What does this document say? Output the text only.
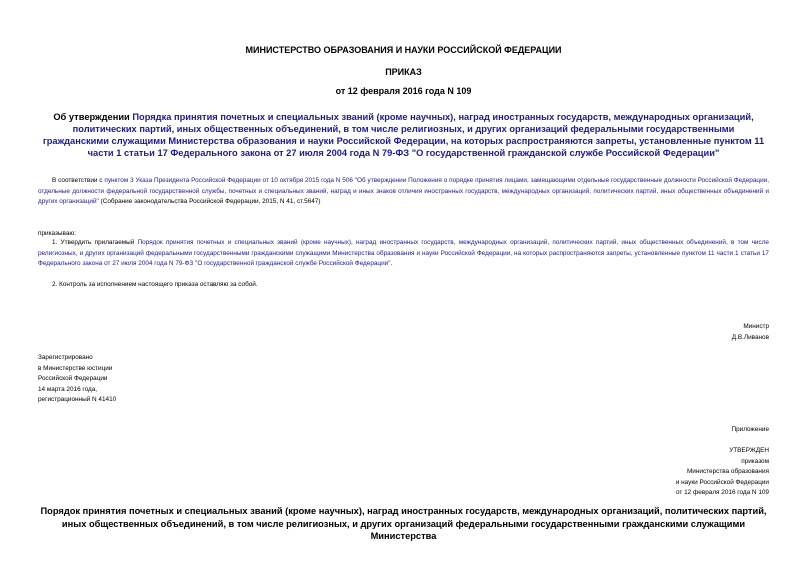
МИНИСТЕРСТВО ОБРАЗОВАНИЯ И НАУКИ РОССИЙСКОЙ ФЕДЕРАЦИИ
ПРИКАЗ
от 12 февраля 2016 года N 109
Об утверждении Порядка принятия почетных и специальных званий (кроме научных), наград иностранных государств, международных организаций, политических партий, иных общественных объединений, в том числе религиозных, и других организаций федеральными государственными гражданскими служащими Министерства образования и науки Российской Федерации, на которых распространяются запреты, установленные пунктом 11 части 1 статьи 17 Федерального закона от 27 июля 2004 года N 79-ФЗ "О государственной гражданской службе Российской Федерации"
В соответствии с пунктом 3 Указа Президента Российской Федерации от 10 октября 2015 года N 506 "Об утверждении Положения о порядке принятия лицами, замещающими отдельные государственные должности Российской Федерации, отдельные должности федеральной государственной службы, почетных и специальных званий, наград и иных знаков отличия иностранных государств, международных организаций, политических партий, иных общественных объединений и других организаций" (Собрание законодательства Российской Федерации, 2015, N 41, ст.5647)
приказываю:
1. Утвердить прилагаемый Порядок принятия почетных и специальных званий (кроме научных), наград иностранных государств, международных организаций, политических партий, иных общественных объединений, в том числе религиозных, и других организаций федеральными государственными гражданскими служащими Министерства образования и науки Российской Федерации, на которых распространяются запреты, установленные пунктом 11 части 1 статьи 17 Федерального закона от 27 июля 2004 года N 79-ФЗ "О государственной гражданской службе Российской Федерации".
2. Контроль за исполнением настоящего приказа оставляю за собой.
Министр
Д.В.Ливанов
Зарегистрировано
в Министерстве юстиции
Российской Федерации
14 марта 2016 года,
регистрационный N 41410
Приложение
УТВЕРЖДЕН
приказом
Министерства образования
и науки Российской Федерации
от 12 февраля 2016 года N 109
Порядок принятия почетных и специальных званий (кроме научных), наград иностранных государств, международных организаций, политических партий, иных общественных объединений, в том числе религиозных, и других организаций федеральными государственными гражданскими служащими Министерства
